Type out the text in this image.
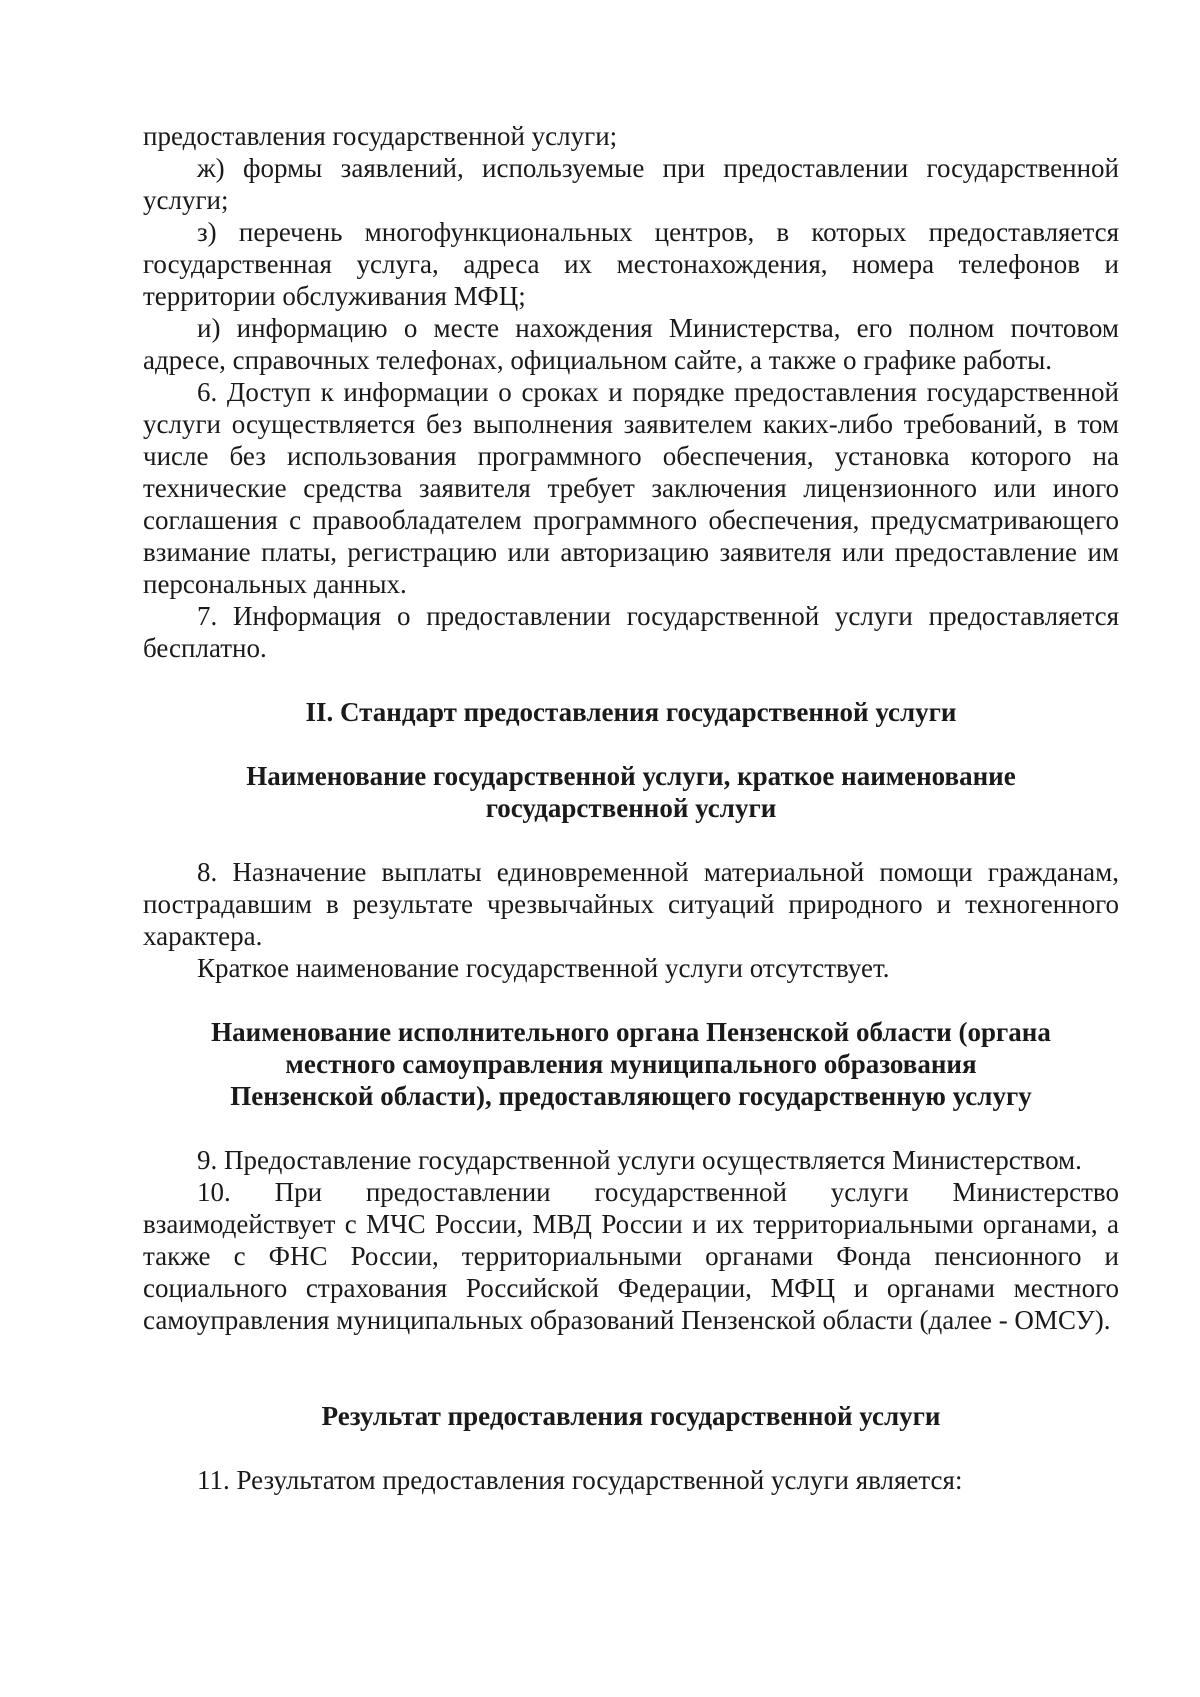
предоставления государственной услуги;

ж) формы заявлений, используемые при предоставлении государственной услуги;

з) перечень многофункциональных центров, в которых предоставляется государственная услуга, адреса их местонахождения, номера телефонов и территории обслуживания МФЦ;

и) информацию о месте нахождения Министерства, его полном почтовом адресе, справочных телефонах, официальном сайте, а также о графике работы.

6. Доступ к информации о сроках и порядке предоставления государственной услуги осуществляется без выполнения заявителем каких-либо требований, в том числе без использования программного обеспечения, установка которого на технические средства заявителя требует заключения лицензионного или иного соглашения с правообладателем программного обеспечения, предусматривающего взимание платы, регистрацию или авторизацию заявителя или предоставление им персональных данных.

7. Информация о предоставлении государственной услуги предоставляется бесплатно.

II. Стандарт предоставления государственной услуги
Наименование государственной услуги, краткое наименование
государственной услуги

8. Назначение выплаты единовременной материальной помощи гражданам, пострадавшим в результате чрезвычайных ситуаций природного и техногенного характера.

Краткое наименование государственной услуги отсутствует.

Наименование исполнительного органа Пензенской области (органа
местного самоуправления муниципального образования
Пензенской области), предоставляющего государственную услугу

9. Предоставление государственной услуги осуществляется Министерством.

10. При предоставлении государственной услуги Министерство взаимодействует с МЧС России, МВД России и их территориальными органами, а также с ФНС России, территориальными органами Фонда пенсионного и социального страхования Российской Федерации, МФЦ и органами местного самоуправления муниципальных образований Пензенской области (далее - ОМСУ).

Результат предоставления государственной услуги

11. Результатом предоставления государственной услуги является:
